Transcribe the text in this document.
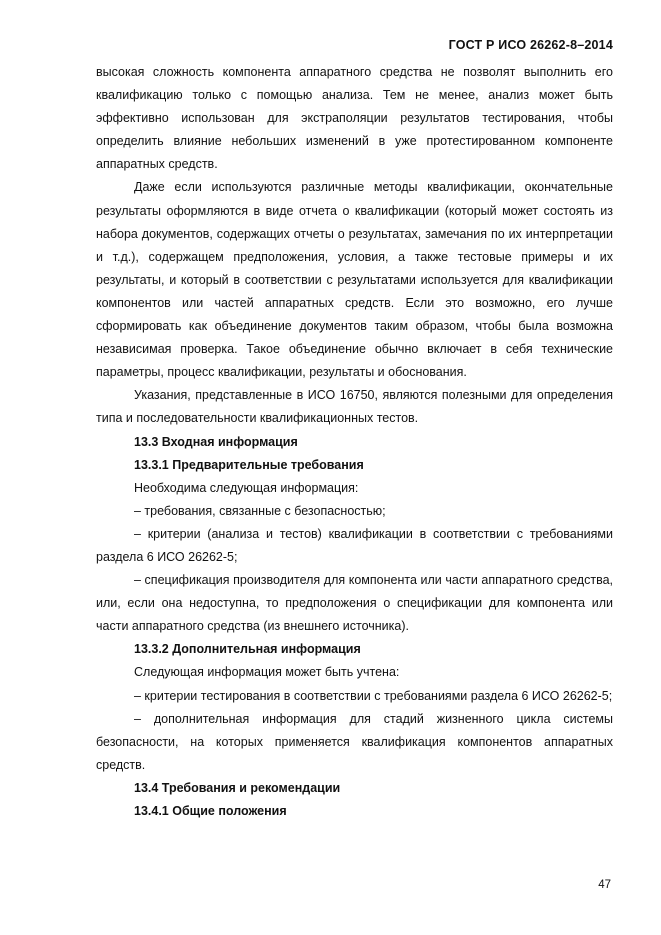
ГОСТ Р ИСО 26262-8–2014

высокая сложность компонента аппаратного средства не позволят выполнить его квалификацию только с помощью анализа. Тем не менее, анализ может быть эффективно использован для экстраполяции результатов тестирования, чтобы определить влияние небольших изменений в уже протестированном компоненте аппаратных средств.

Даже если используются различные методы квалификации, окончательные результаты оформляются в виде отчета о квалификации (который может состоять из набора документов, содержащих отчеты о результатах, замечания по их интерпретации и т.д.), содержащем предположения, условия, а также тестовые примеры и их результаты, и который в соответствии с результатами используется для квалификации компонентов или частей аппаратных средств. Если это возможно, его лучше сформировать как объединение документов таким образом, чтобы была возможна независимая проверка. Такое объединение обычно включает в себя технические параметры, процесс квалификации, результаты и обоснования.

Указания, представленные в ИСО 16750, являются полезными для определения типа и последовательности квалификационных тестов.

13.3 Входная информация

13.3.1 Предварительные требования

Необходима следующая информация:

– требования, связанные с безопасностью;

– критерии (анализа и тестов) квалификации в соответствии с требованиями раздела 6 ИСО 26262-5;

– спецификация производителя для компонента или части аппаратного средства, или, если она недоступна, то предположения о спецификации для компонента или части аппаратного средства (из внешнего источника).

13.3.2 Дополнительная информация

Следующая информация может быть учтена:

– критерии тестирования в соответствии с требованиями раздела 6 ИСО 26262-5;

– дополнительная информация для стадий жизненного цикла системы безопасности, на которых применяется квалификация компонентов аппаратных средств.

13.4 Требования и рекомендации

13.4.1 Общие положения

47
